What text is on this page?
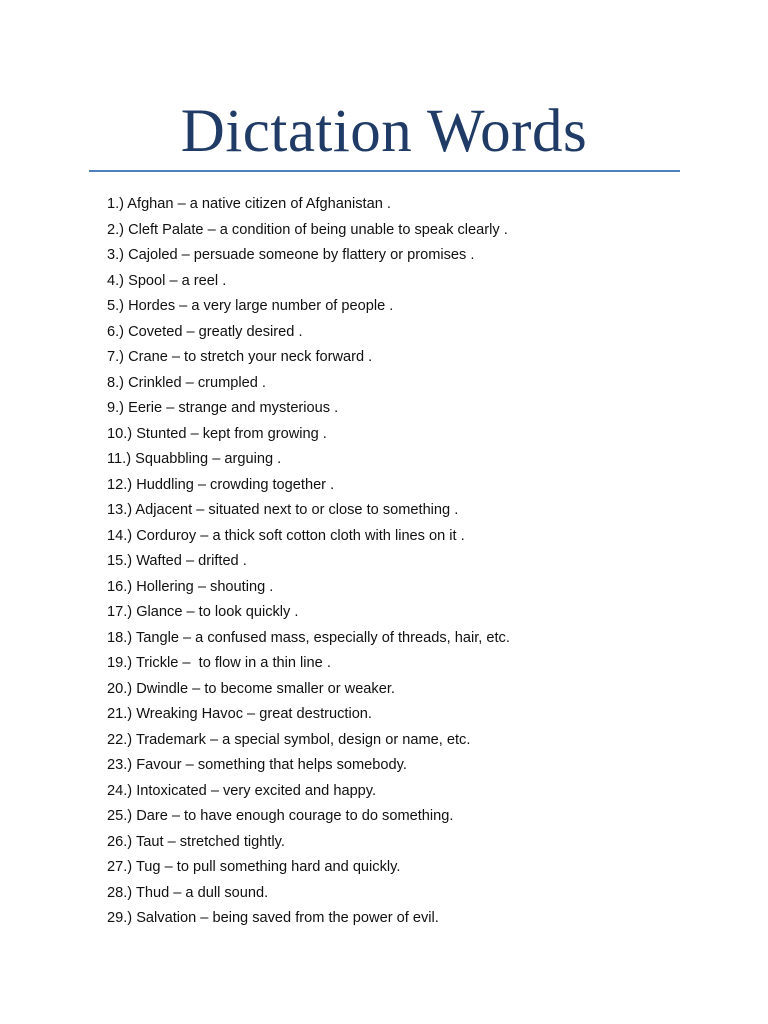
Dictation Words
1.) Afghan – a native citizen of Afghanistan .
2.) Cleft Palate – a condition of being unable to speak clearly .
3.) Cajoled – persuade someone by flattery or promises .
4.) Spool – a reel .
5.) Hordes – a very large number of people .
6.) Coveted – greatly desired .
7.) Crane – to stretch your neck forward .
8.) Crinkled – crumpled .
9.) Eerie – strange and mysterious .
10.) Stunted – kept from growing .
11.) Squabbling – arguing .
12.) Huddling – crowding together .
13.) Adjacent – situated next to or close to something .
14.) Corduroy – a thick soft cotton cloth with lines on it .
15.) Wafted – drifted .
16.) Hollering – shouting .
17.) Glance – to look quickly .
18.) Tangle – a confused mass, especially of threads, hair, etc.
19.) Trickle –  to flow in a thin line .
20.) Dwindle – to become smaller or weaker.
21.) Wreaking Havoc – great destruction.
22.) Trademark – a special symbol, design or name, etc.
23.) Favour – something that helps somebody.
24.) Intoxicated – very excited and happy.
25.) Dare – to have enough courage to do something.
26.) Taut – stretched tightly.
27.) Tug – to pull something hard and quickly.
28.) Thud – a dull sound.
29.) Salvation – being saved from the power of evil.
